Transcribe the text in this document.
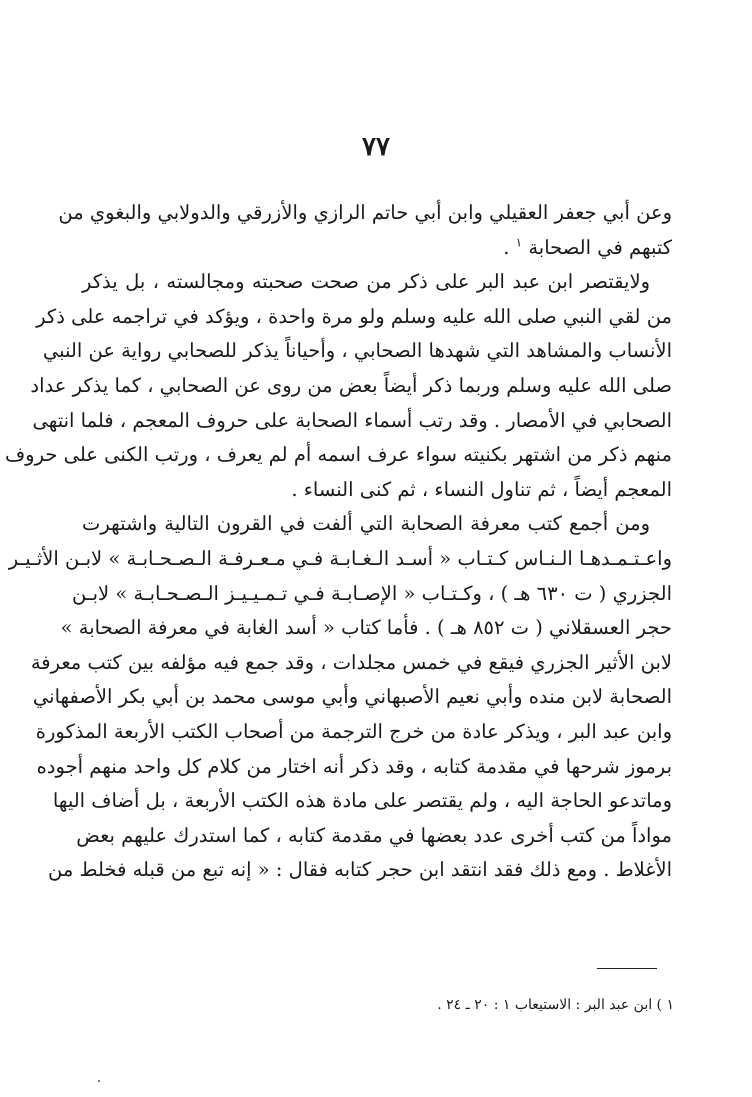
٧٧
وعن أبي جعفر العقيلي وابن أبي حاتم الرازي والأزرقي والدولابي والبغوي من
كتبهم في الصحابة $^١$ .
ولايقتصر ابن عبد البر على ذكر من صحت صحبته ومجالسته ، بل يذكر
من لقي النبي صلى الله عليه وسلم ولو مرة واحدة ، ويؤكد في تراجمه على ذكر
الأنساب والمشاهد التي شهدها الصحابي ، وأحياناً يذكر للصحابي رواية عن النبي
صلى الله عليه وسلم وربما ذكر أيضاً بعض من روى عن الصحابي ، كما يذكر عداد
الصحابي في الأمصار . وقد رتب أسماء الصحابة على حروف المعجم ، فلما انتهى
منهم ذكر من اشتهر بكنيته سواء عرف اسمه أم لم يعرف ، ورتب الكنى على حروف
المعجم أيضاً ، ثم تناول النساء ، ثم كنى النساء .
ومن أجمع كتب معرفة الصحابة التي ألفت في القرون التالية واشتهرت
واعـتـمـدهـا الـنـاس كـتـاب « أسـد الـغـابـة فـي مـعـرفـة الـصـحـابـة » لابـن الأثـيـر
الجزري ( ت ٦٣٠ هـ ) ، وكـتـاب « الإصـابـة فـي تـمـيـيـز الـصـحـابـة » لابـن
حجر العسقلاني ( ت ٨٥٢ هـ ) . فأما كتاب « أسد الغابة في معرفة الصحابة »
لابن الأثير الجزري فيقع في خمس مجلدات ، وقد جمع فيه مؤلفه بين كتب معرفة
الصحابة لابن منده وأبي نعيم الأصبهاني وأبي موسى محمد بن أبي بكر الأصفهاني
وابن عبد البر ، ويذكر عادة من خرج الترجمة من أصحاب الكتب الأربعة المذكورة
برموز شرحها في مقدمة كتابه ، وقد ذكر أنه اختار من كلام كل واحد منهم أجوده
وماتدعو الحاجة اليه ، ولم يقتصر على مادة هذه الكتب الأربعة ، بل أضاف اليها
مواداً من كتب أخرى عدد بعضها في مقدمة كتابه ، كما استدرك عليهم بعض
الأغلاط . ومع ذلك فقد انتقد ابن حجر كتابه فقال : « إنه تبع من قبله فخلط من
١ ) ابن عبد البر : الاستيعاب ١ : ٢٠ ـ ٢٤ .
